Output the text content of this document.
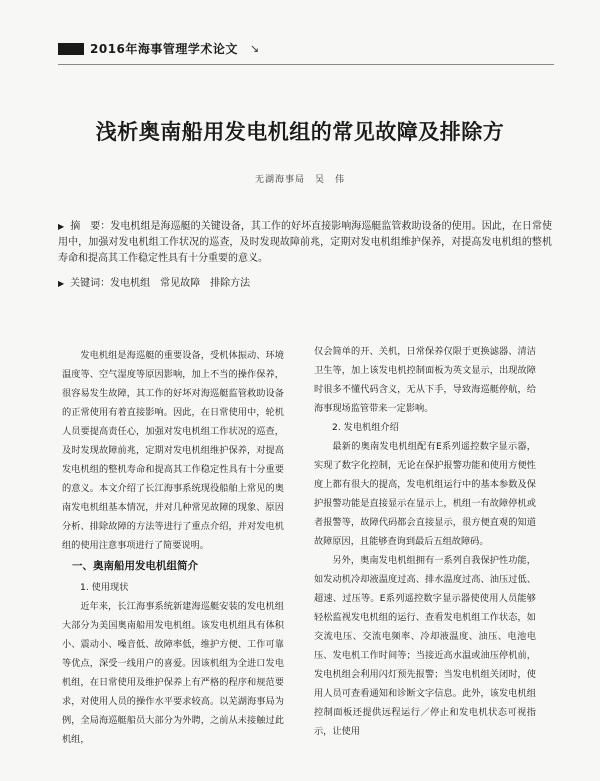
2016年海事管理学术论文 ↘
浅析奥南船用发电机组的常见故障及排除方
无湖海事局　吴　伟
▶ 摘　要：发电机组是海巡艇的关键设备，其工作的好坏直接影响海巡艇监管救助设备的使用。因此，在日常使用中，加强对发电机组工作状况的巡查，及时发现故障前兆，定期对发电机组维护保养，对提高发电机组的整机寿命和提高其工作稳定性具有十分重要的意义。
▶ 关键词：发电机组 常见故障 排除方法

发电机组是海巡艇的重要设备，受机体振动、环境温度等、空气湿度等原因影响，加上不当的操作保养，很容易发生故障，其工作的好坏对海巡艇监管救助设备的正常使用有着直接影响。因此，在日常使用中，轮机人员要提高责任心，加强对发电机组工作状况的巡查，及时发现故障前兆，定期对发电机组维护保养，对提高发电机组的整机寿命和提高其工作稳定性具有十分重要的意义。本文介绍了长江海事系统现役船舶上常见的奥南发电机组基本情况，并对几种常见故障的现象、原因分析、排除故障的方法等进行了重点介绍，并对发电机组的使用注意事项进行了简要说明。

一、奥南船用发电机组简介

1. 使用现状

近年来，长江海事系统新建海巡艇安装的发电机组大部分为美国奥南船用发电机组。该发电机组具有体积小、震动小、噪音低、故障率低，维护方便、工作可靠等优点，深受一线用户的喜爱。因该机组为全进口发电机组，在日常使用及维护保养上有严格的程序和规范要求，对使用人员的操作水平要求较高。以芜湖海事局为例，全局海巡艇船员大部分为外聘，之前从未接触过此机组，

仅会简单的开、关机，日常保养仅限于更换滤器、清洁卫生等，加上该发电机控制面板为英文显示，出现故障时很多不懂代码含义，无从下手，导致海巡艇停航，给海事现场监管带来一定影响。

2. 发电机组介绍

最新的奥南发电机组配有E系列遥控数字显示器，实现了数字化控制，无论在保护报警功能和使用方便性度上都有很大的提高，发电机组运行中的基本参数及保护报警功能是直接显示在显示上，机组一有故障停机或者报警等，故障代码都会直接显示，很方便直观的知道故障原因，且能够查询到最后五组故障码。

另外，奥南发电机组拥有一系列自我保护性功能，如发动机冷却液温度过高、排水温度过高、油压过低、超速、过压等。E系列遥控数字显示器使使用人员能够轻松监视发电机组的运行、查看发电机组工作状态，如交流电压、交流电频率、冷却液温度、油压、电池电压、发电机工作时间等；当接近高水温或油压停机前，发电机组会利用闪灯预先报警；当发电机组关闭时，使用人员可查看通知和诊断文字信息。此外，该发电机组控制面板还提供远程运行／停止和发电机状态可视指示，让使用
